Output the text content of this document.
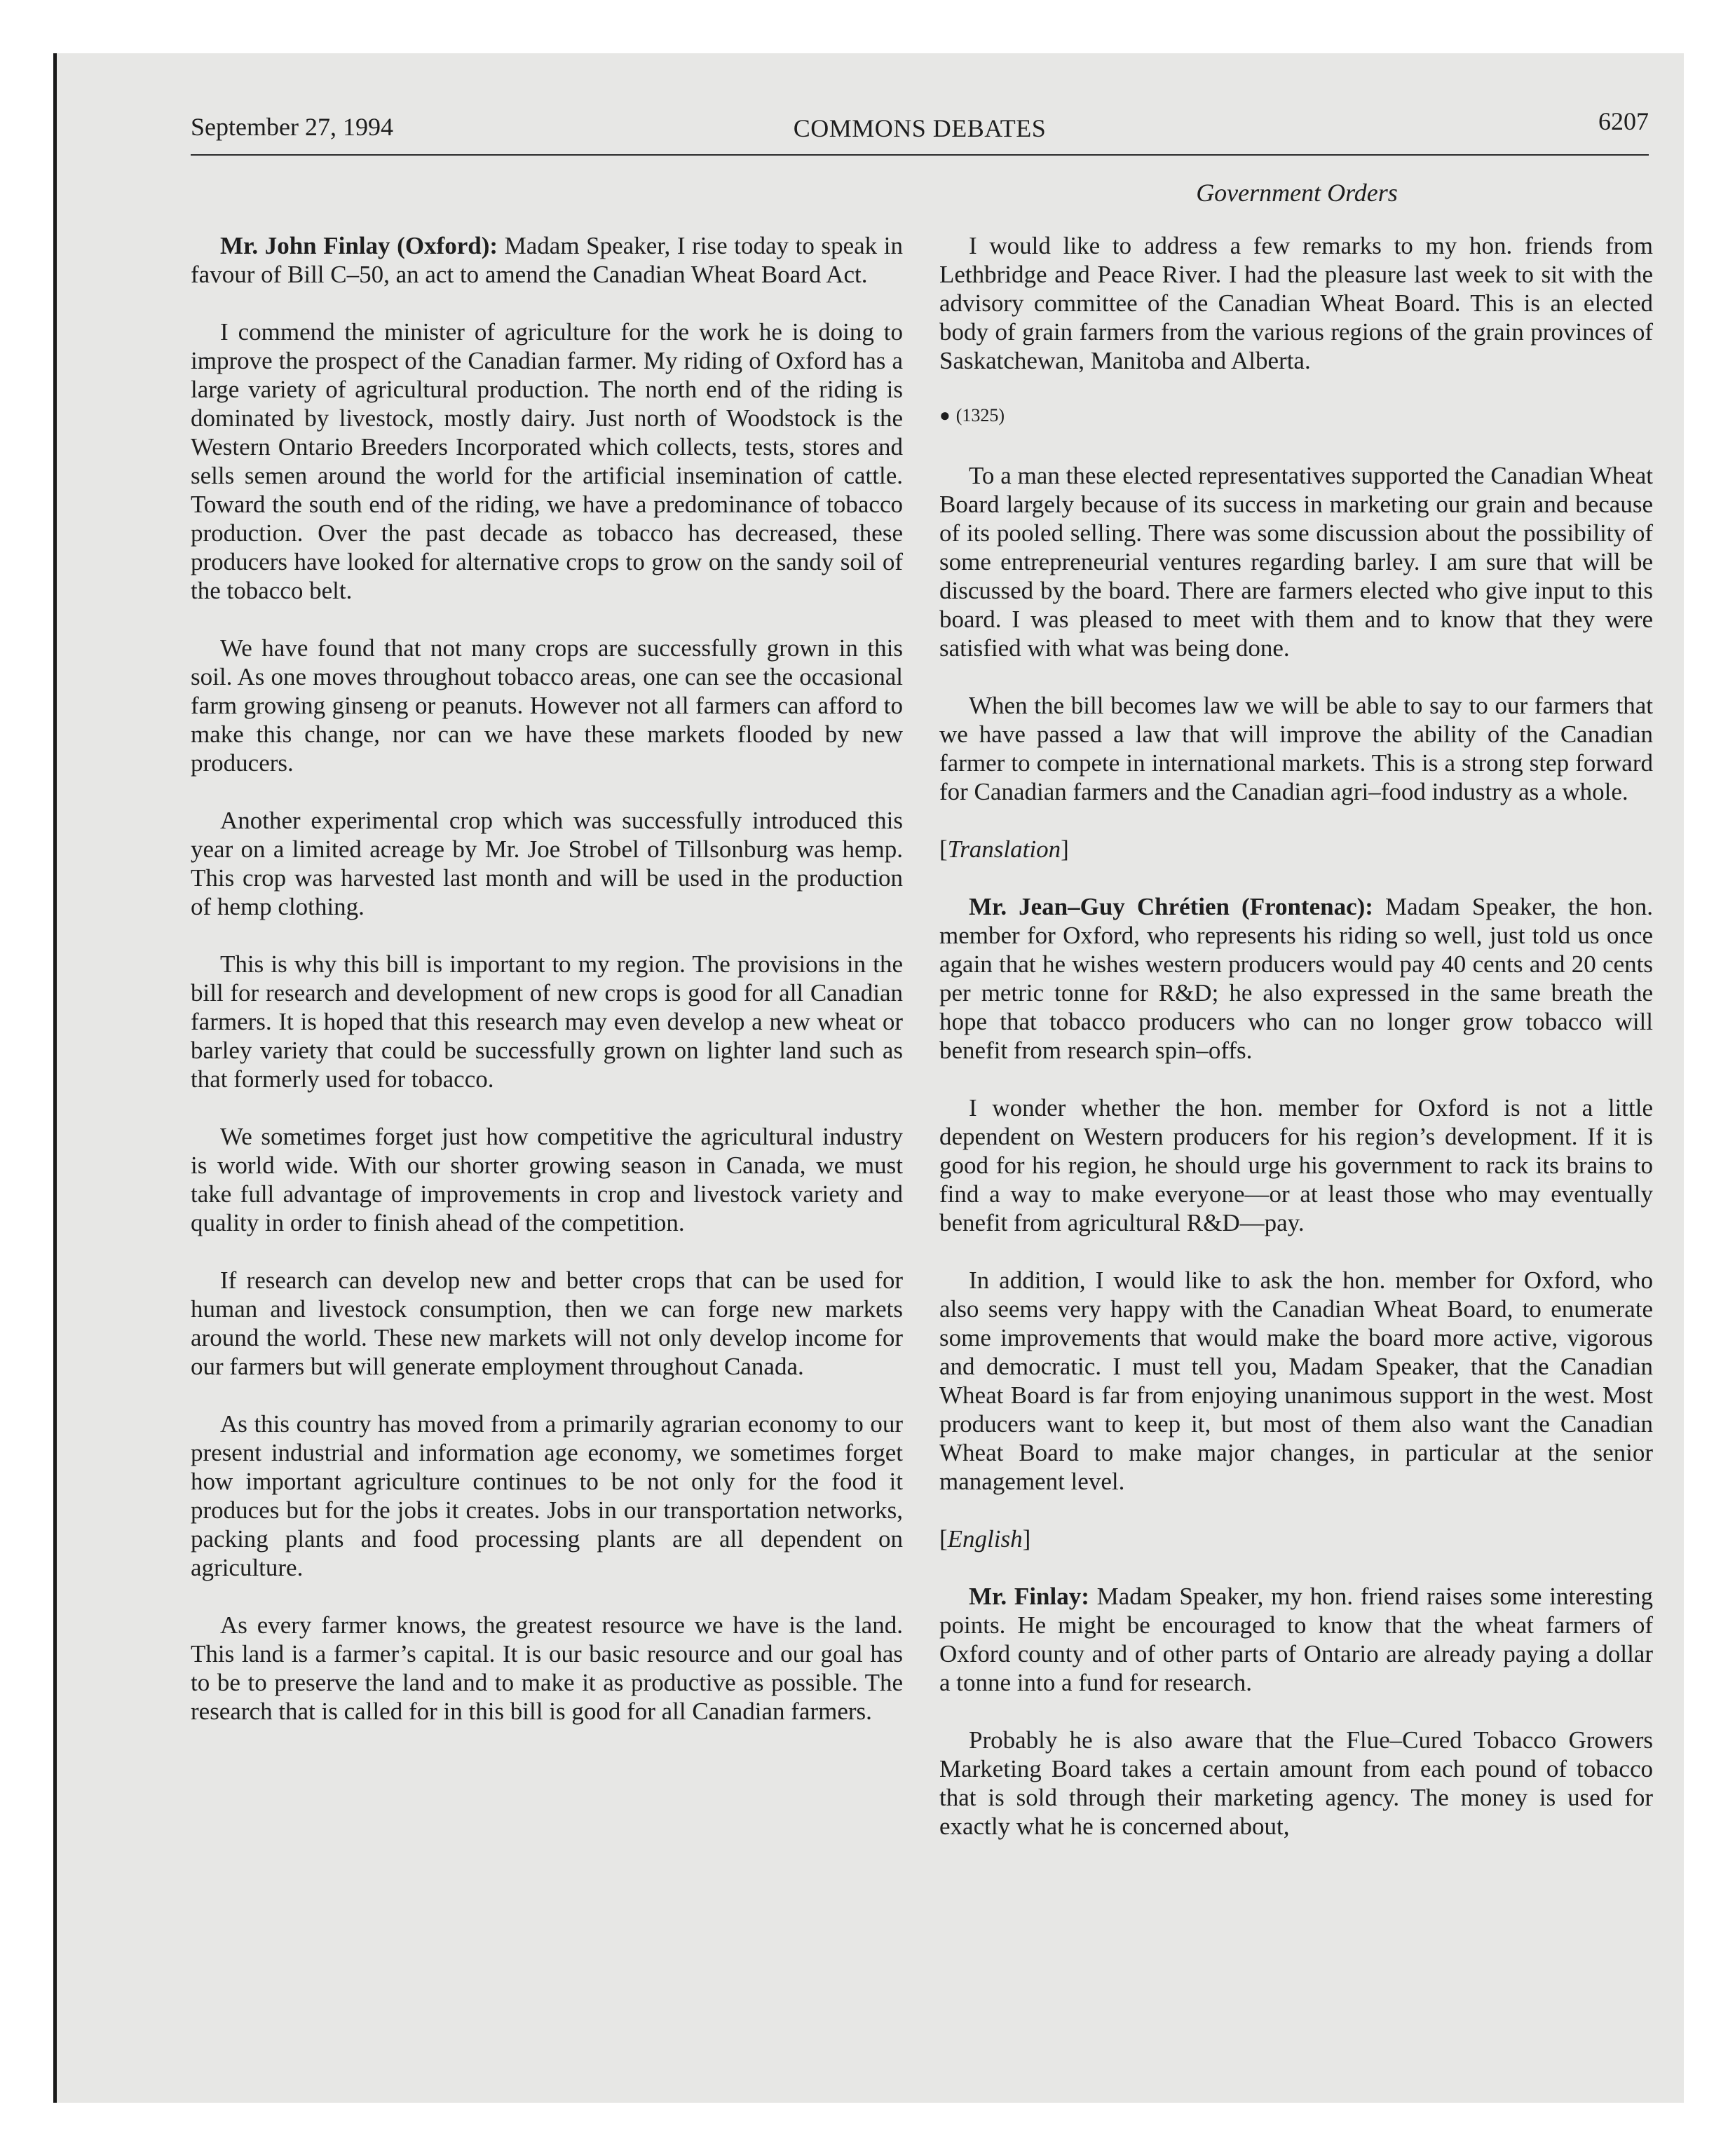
September 27, 1994	COMMONS DEBATES	6207
Government Orders

Mr. John Finlay (Oxford): Madam Speaker, I rise today to speak in favour of Bill C–50, an act to amend the Canadian Wheat Board Act.

I commend the minister of agriculture for the work he is doing to improve the prospect of the Canadian farmer. My riding of Oxford has a large variety of agricultural production. The north end of the riding is dominated by livestock, mostly dairy. Just north of Woodstock is the Western Ontario Breeders Incorporated which collects, tests, stores and sells semen around the world for the artificial insemination of cattle. Toward the south end of the riding, we have a predominance of tobacco production. Over the past decade as tobacco has decreased, these producers have looked for alternative crops to grow on the sandy soil of the tobacco belt.

We have found that not many crops are successfully grown in this soil. As one moves throughout tobacco areas, one can see the occasional farm growing ginseng or peanuts. However not all farmers can afford to make this change, nor can we have these markets flooded by new producers.

Another experimental crop which was successfully introduced this year on a limited acreage by Mr. Joe Strobel of Tillsonburg was hemp. This crop was harvested last month and will be used in the production of hemp clothing.

This is why this bill is important to my region. The provisions in the bill for research and development of new crops is good for all Canadian farmers. It is hoped that this research may even develop a new wheat or barley variety that could be successfully grown on lighter land such as that formerly used for tobacco.

We sometimes forget just how competitive the agricultural industry is world wide. With our shorter growing season in Canada, we must take full advantage of improvements in crop and livestock variety and quality in order to finish ahead of the competition.

If research can develop new and better crops that can be used for human and livestock consumption, then we can forge new markets around the world. These new markets will not only develop income for our farmers but will generate employment throughout Canada.

As this country has moved from a primarily agrarian economy to our present industrial and information age economy, we sometimes forget how important agriculture continues to be not only for the food it produces but for the jobs it creates. Jobs in our transportation networks, packing plants and food processing plants are all dependent on agriculture.

As every farmer knows, the greatest resource we have is the land. This land is a farmer’s capital. It is our basic resource and our goal has to be to preserve the land and to make it as productive as possible. The research that is called for in this bill is good for all Canadian farmers.

I would like to address a few remarks to my hon. friends from Lethbridge and Peace River. I had the pleasure last week to sit with the advisory committee of the Canadian Wheat Board. This is an elected body of grain farmers from the various regions of the grain provinces of Saskatchewan, Manitoba and Alberta.

● (1325)

To a man these elected representatives supported the Canadian Wheat Board largely because of its success in marketing our grain and because of its pooled selling. There was some discussion about the possibility of some entrepreneurial ventures regarding barley. I am sure that will be discussed by the board. There are farmers elected who give input to this board. I was pleased to meet with them and to know that they were satisfied with what was being done.

When the bill becomes law we will be able to say to our farmers that we have passed a law that will improve the ability of the Canadian farmer to compete in international markets. This is a strong step forward for Canadian farmers and the Canadian agri–food industry as a whole.

[Translation]

Mr. Jean–Guy Chrétien (Frontenac): Madam Speaker, the hon. member for Oxford, who represents his riding so well, just told us once again that he wishes western producers would pay 40 cents and 20 cents per metric tonne for R&D; he also expressed in the same breath the hope that tobacco producers who can no longer grow tobacco will benefit from research spin–offs.

I wonder whether the hon. member for Oxford is not a little dependent on Western producers for his region’s development. If it is good for his region, he should urge his government to rack its brains to find a way to make everyone—or at least those who may eventually benefit from agricultural R&D—pay.

In addition, I would like to ask the hon. member for Oxford, who also seems very happy with the Canadian Wheat Board, to enumerate some improvements that would make the board more active, vigorous and democratic. I must tell you, Madam Speaker, that the Canadian Wheat Board is far from enjoying unanimous support in the west. Most producers want to keep it, but most of them also want the Canadian Wheat Board to make major changes, in particular at the senior management level.

[English]

Mr. Finlay: Madam Speaker, my hon. friend raises some interesting points. He might be encouraged to know that the wheat farmers of Oxford county and of other parts of Ontario are already paying a dollar a tonne into a fund for research.

Probably he is also aware that the Flue–Cured Tobacco Growers Marketing Board takes a certain amount from each pound of tobacco that is sold through their marketing agency. The money is used for exactly what he is concerned about,
